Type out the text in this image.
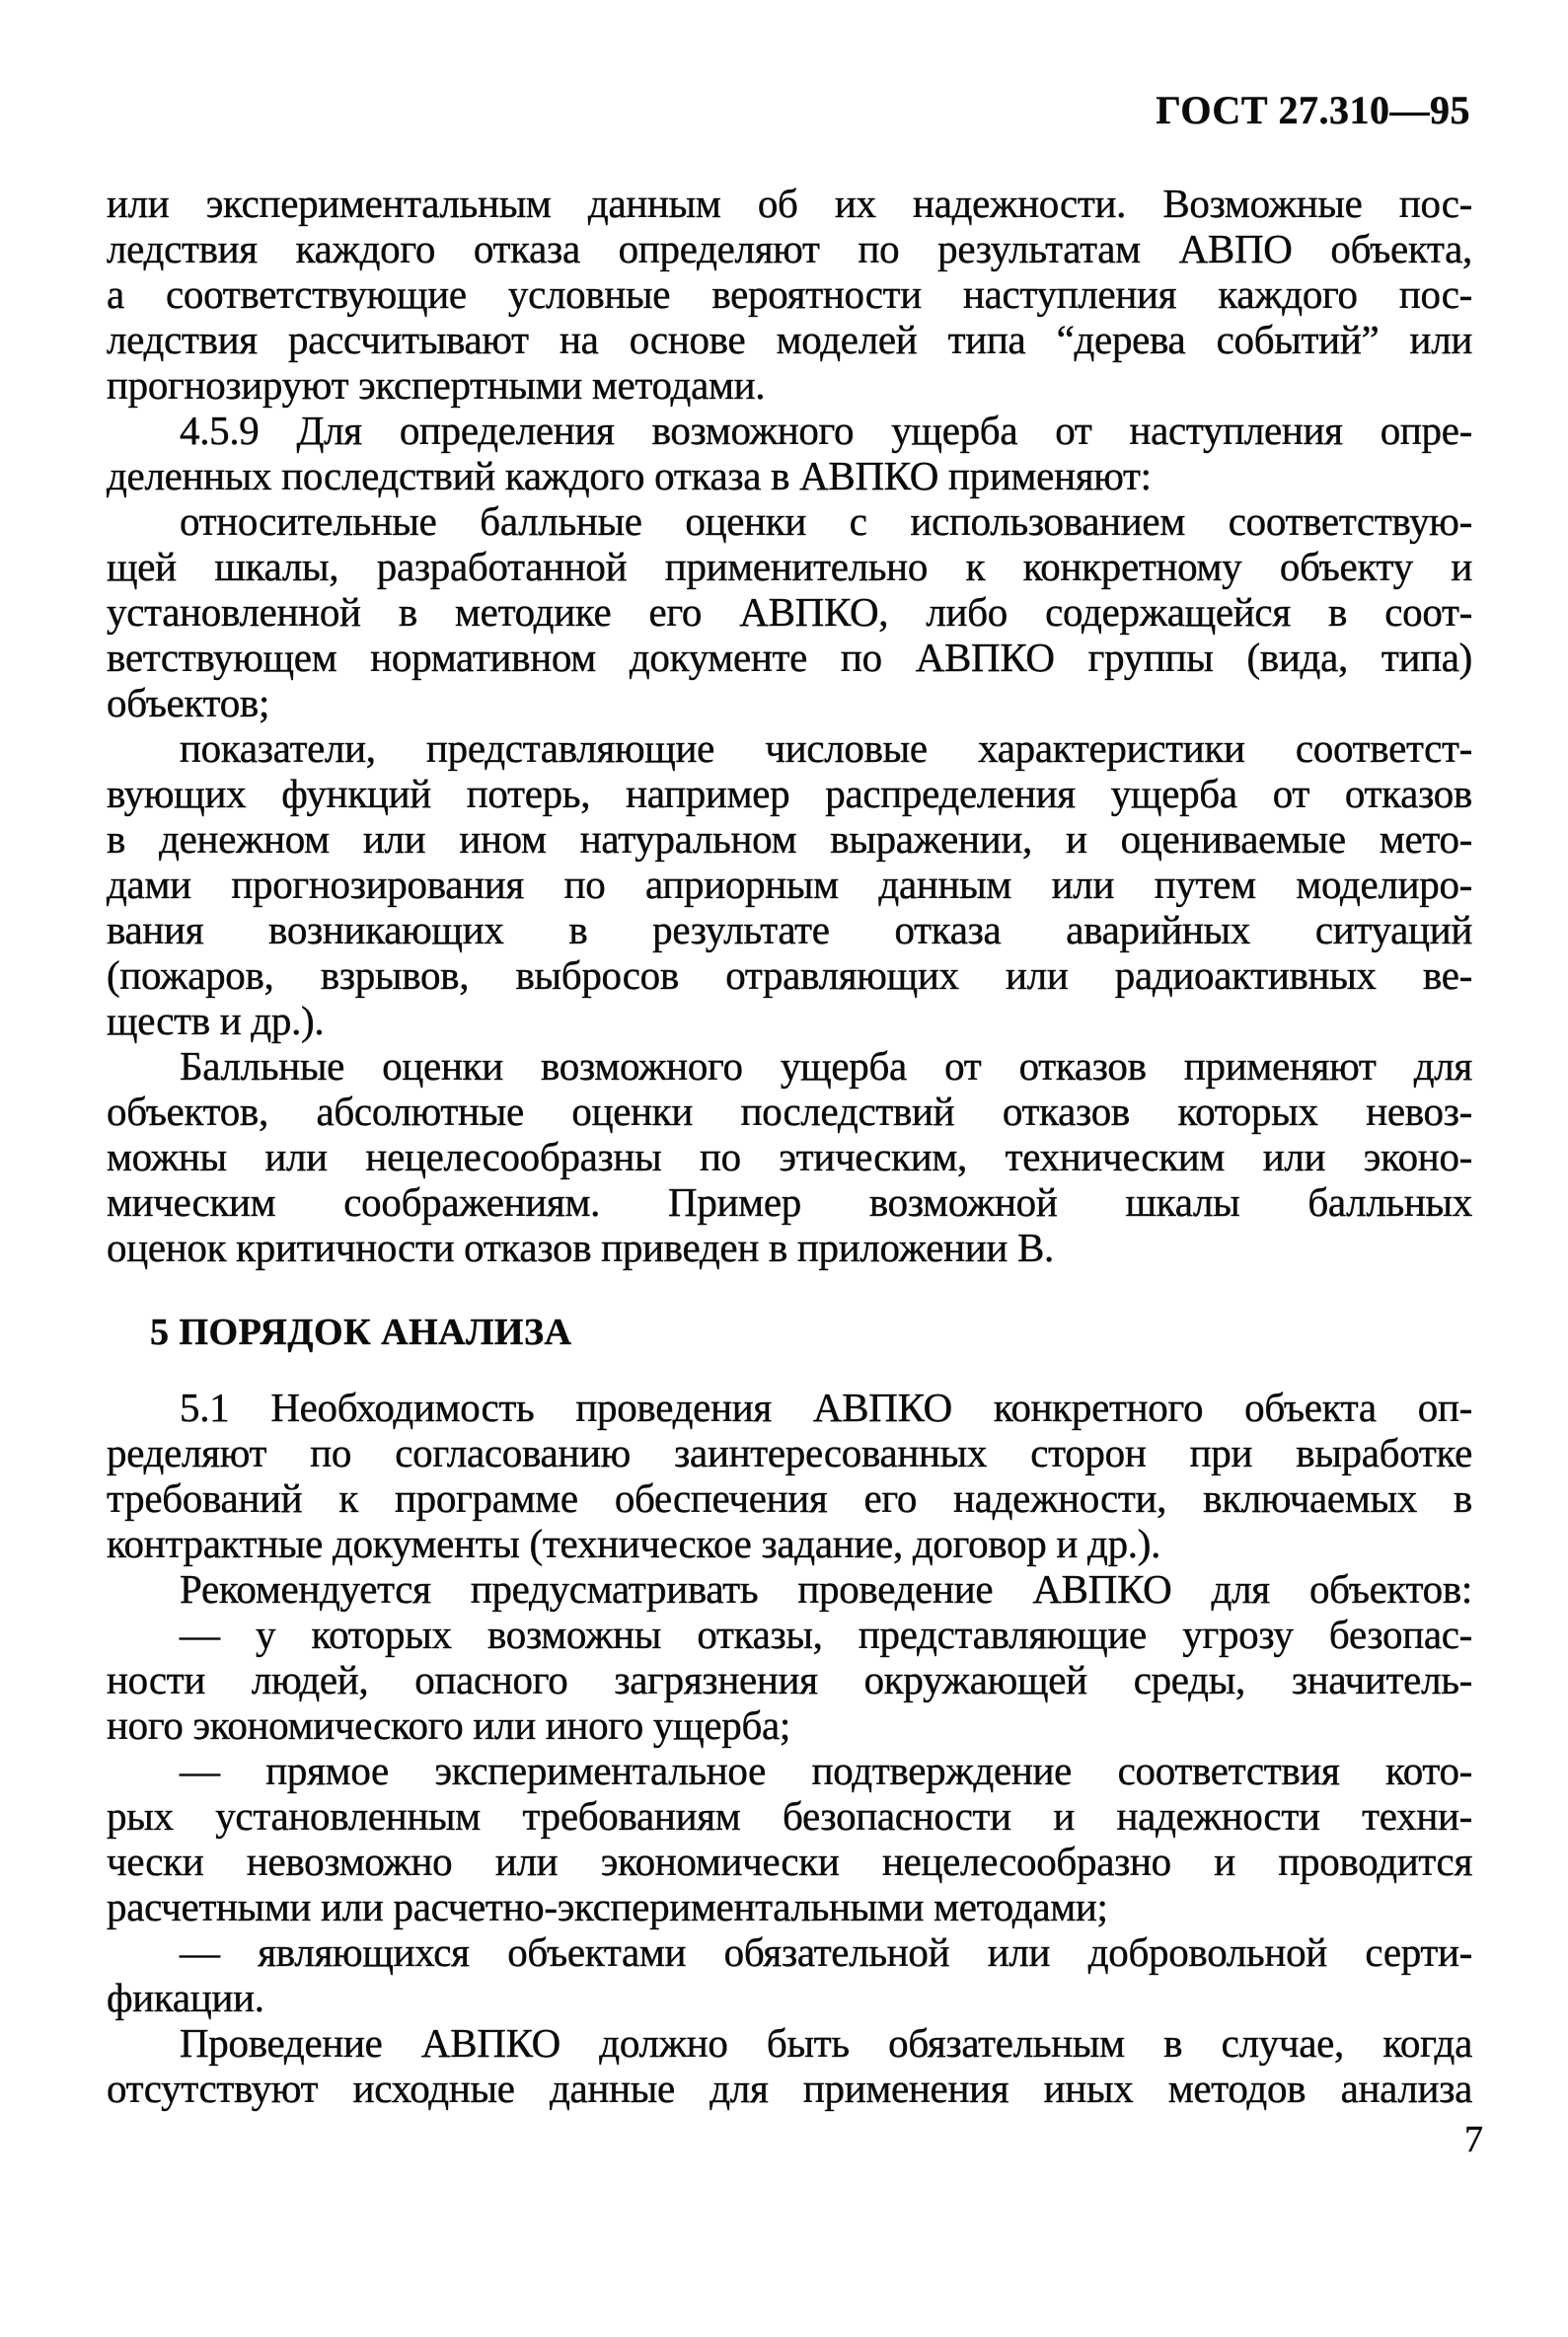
ГОСТ 27.310—95
или экспериментальным данным об их надежности. Возможные пос-
ледствия каждого отказа определяют по результатам АВПО объекта,
а соответствующие условные вероятности наступления каждого пос-
ледствия рассчитывают на основе моделей типа “дерева событий” или
прогнозируют экспертными методами.
4.5.9 Для определения возможного ущерба от наступления опре-
деленных последствий каждого отказа в АВПКО применяют:
относительные балльные оценки с использованием соответствую-
щей шкалы, разработанной применительно к конкретному объекту и
установленной в методике его АВПКО, либо содержащейся в соот-
ветствующем нормативном документе по АВПКО группы (вида, типа)
объектов;
показатели, представляющие числовые характеристики соответст-
вующих функций потерь, например распределения ущерба от отказов
в денежном или ином натуральном выражении, и оцениваемые мето-
дами прогнозирования по априорным данным или путем моделиро-
вания возникающих в результате отказа аварийных ситуаций
(пожаров, взрывов, выбросов отравляющих или радиоактивных ве-
ществ и др.).
Балльные оценки возможного ущерба от отказов применяют для
объектов, абсолютные оценки последствий отказов которых невоз-
можны или нецелесообразны по этическим, техническим или эконо-
мическим соображениям. Пример возможной шкалы балльных
оценок критичности отказов приведен в приложении В.
5 ПОРЯДОК АНАЛИЗА
5.1 Необходимость проведения АВПКО конкретного объекта оп-
ределяют по согласованию заинтересованных сторон при выработке
требований к программе обеспечения его надежности, включаемых в
контрактные документы (техническое задание, договор и др.).
Рекомендуется предусматривать проведение АВПКО для объектов:
— у которых возможны отказы, представляющие угрозу безопас-
ности людей, опасного загрязнения окружающей среды, значитель-
ного экономического или иного ущерба;
— прямое экспериментальное подтверждение соответствия кото-
рых установленным требованиям безопасности и надежности техни-
чески невозможно или экономически нецелесообразно и проводится
расчетными или расчетно-экспериментальными методами;
— являющихся объектами обязательной или добровольной серти-
фикации.
Проведение АВПКО должно быть обязательным в случае, когда
отсутствуют исходные данные для применения иных методов анализа
7
